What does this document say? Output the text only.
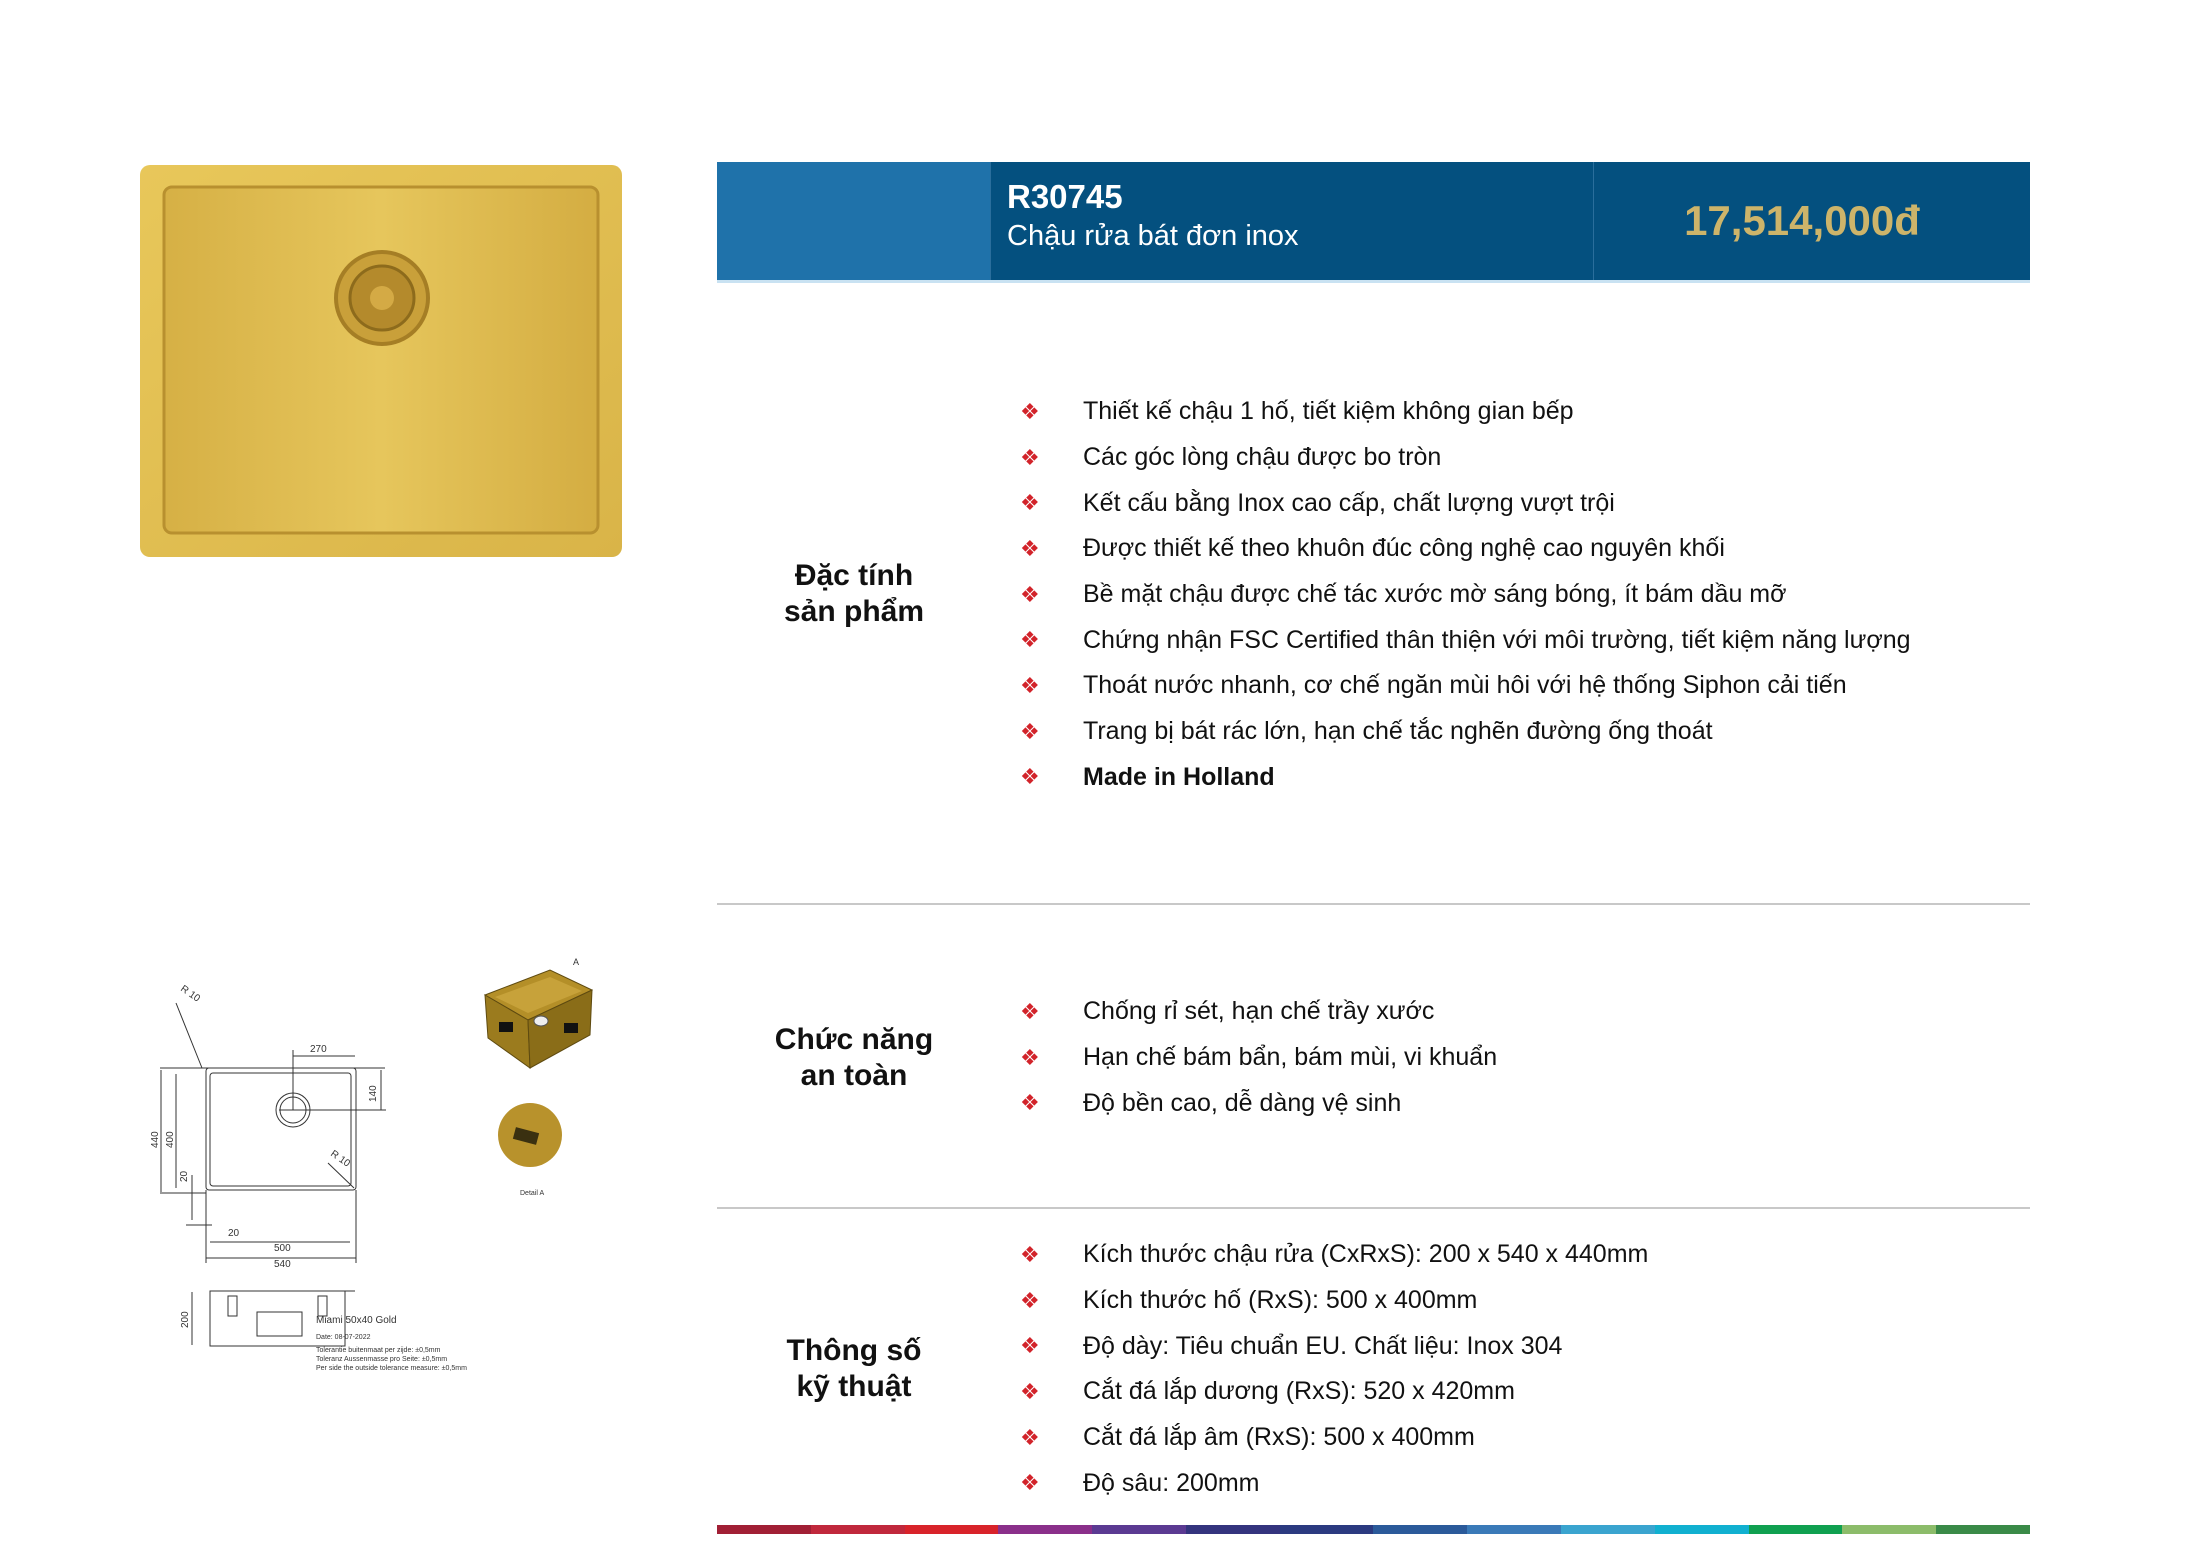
R30745
Chậu rửa bát đơn inox	17,514,000đ
Đặc tính
sản phẩm
❖	Thiết kế chậu 1 hố, tiết kiệm không gian bếp
❖	Các góc lòng chậu được bo tròn
❖	Kết cấu bằng Inox cao cấp, chất lượng vượt trội
❖	Được thiết kế theo khuôn đúc công nghệ cao nguyên khối
❖	Bề mặt chậu được chế tác xước mờ sáng bóng, ít bám dầu mỡ
❖	Chứng nhận FSC Certified thân thiện với môi trường, tiết kiệm năng lượng
❖	Thoát nước nhanh, cơ chế ngăn mùi hôi với hệ thống Siphon cải tiến
❖	Trang bị bát rác lớn, hạn chế tắc nghẽn đường ống thoát
❖	Made in Holland
Chức năng
an toàn
❖	Chống rỉ sét, hạn chế trầy xước
❖	Hạn chế bám bẩn, bám mùi, vi khuẩn
❖	Độ bền cao, dễ dàng vệ sinh
Thông số
kỹ thuật
❖	Kích thước chậu rửa (CxRxS): 200 x 540 x 440mm
❖	Kích thước hố (RxS): 500 x 400mm
❖	Độ dày: Tiêu chuẩn EU. Chất liệu: Inox 304
❖	Cắt đá lắp dương (RxS): 520 x 420mm
❖	Cắt đá lắp âm (RxS): 500 x 400mm
❖	Độ sâu: 200mm
R 10
270
140
440 400
20
R 10
20
500
540
200
A
Detail A
Miami 50x40 Gold
Date: 08-07-2022
Tolerantie buitenmaat per zijde: ±0,5mm
Toleranz Aussenmasse pro Seite: ±0,5mm
Per side the outside tolerance measure: ±0,5mm
